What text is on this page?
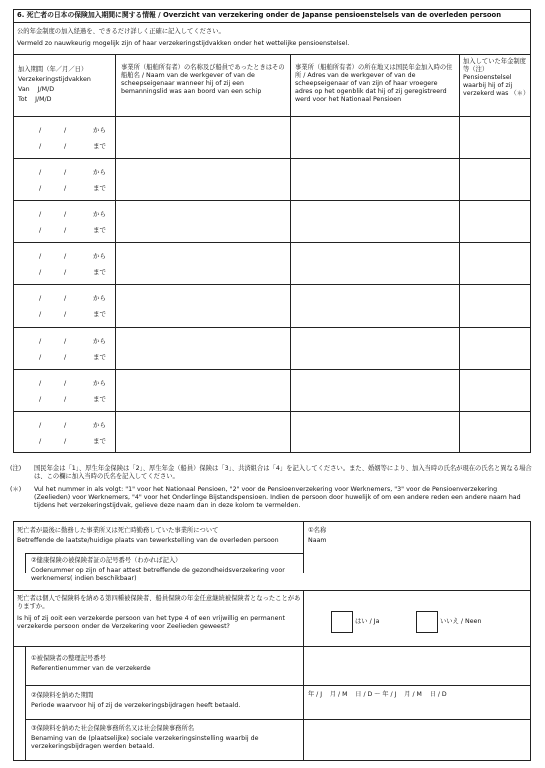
6. 死亡者の日本の保険加入期間に関する情報 / Overzicht van verzekering onder de Japanse pensioenstelsels van de overleden persoon
公的年金制度の加入経過を、できるだけ詳しく正確に記入してください。
Vermeld zo nauwkeurig mogelijk zijn of haar verzekeringstijdvakken onder het wettelijke pensioenstelsel.
加入期間（年／月／日）
Verzekeringstijdvakken
Van    J/M/D
Tot    J/M/D
事業所（船舶所有者）の名称及び船員であったときはその船舶名 / Naam van de werkgever of van de scheepseigenaar wanneer hij of zij een bemanningslid was aan boord van een schip
事業所（船舶所有者）の所在地又は国民年金加入時の住所 / Adres van de werkgever of van de scheepseigenaar of van zijn of haar vroegere adres op het ogenblik dat hij of zij geregistreerd werd voor het Nationaal Pensioen
加入していた年金制度等（注） Pensioenstelsel waarbij hij of zij verzekerd was （＊）
/	/	から
/	/	まで
/	/	から
/	/	まで
/	/	から
/	/	まで
/	/	から
/	/	まで
/	/	から
/	/	まで
/	/	から
/	/	まで
/	/	から
/	/	まで
/	/	から
/	/	まで
(注)	国民年金は「1」、厚生年金保険は「2」、厚生年金（船員）保険は「3」、共済組合は「4」を記入してください。また、婚姻等により、加入当時の氏名が現在の氏名と異なる場合は、この欄に加入当時の氏名を記入してください。
(＊)	Vul het nummer in als volgt: "1" voor het Nationaal Pensioen, "2" voor de Pensioenverzekering voor Werknemers, "3" voor de Pensioenverzekering (Zeelieden) voor Werknemers, "4" voor het Onderlinge Bijstandspensioen. Indien de persoon door huwelijk of om een andere reden een andere naam had tijdens het verzekeringstijdvak, gelieve deze naam dan in deze kolom te vermelden.
死亡者が最後に勤務した事業所又は死亡時勤務していた事業所について
Betreffende de laatste/huidige plaats van tewerkstelling van de overleden persoon
①名称
Naam
②健康保険の被保険者証の記号番号（わかれば記入）
Codenummer op zijn of haar attest betreffende de gezondheidsverzekering voor werknemers( indien beschikbaar)
死亡者は個人で保険料を納める第四種被保険者、船員保険の年金任意継続被保険者となったことがありますか。
Is hij of zij ooit een verzekerde persoon van het type 4 of een vrijwillig en permanent verzekerde persoon onder de Verzekering voor Zeelieden geweest?
はい / Ja	いいえ / Neen
①被保険者の整理記号番号
Referentienummer van de verzekerde
②保険料を納めた期間
Periode waarvoor hij of zij de verzekeringsbijdragen heeft betaald.
年 / J    月 / M    日 / D 〜 年 / J    月 / M    日 / D
③保険料を納めた社会保険事務所名又は社会保険事務所名
Benaming van de (plaatselijke) sociale verzekeringsinstelling waarbij de verzekeringsbijdragen werden betaald.
